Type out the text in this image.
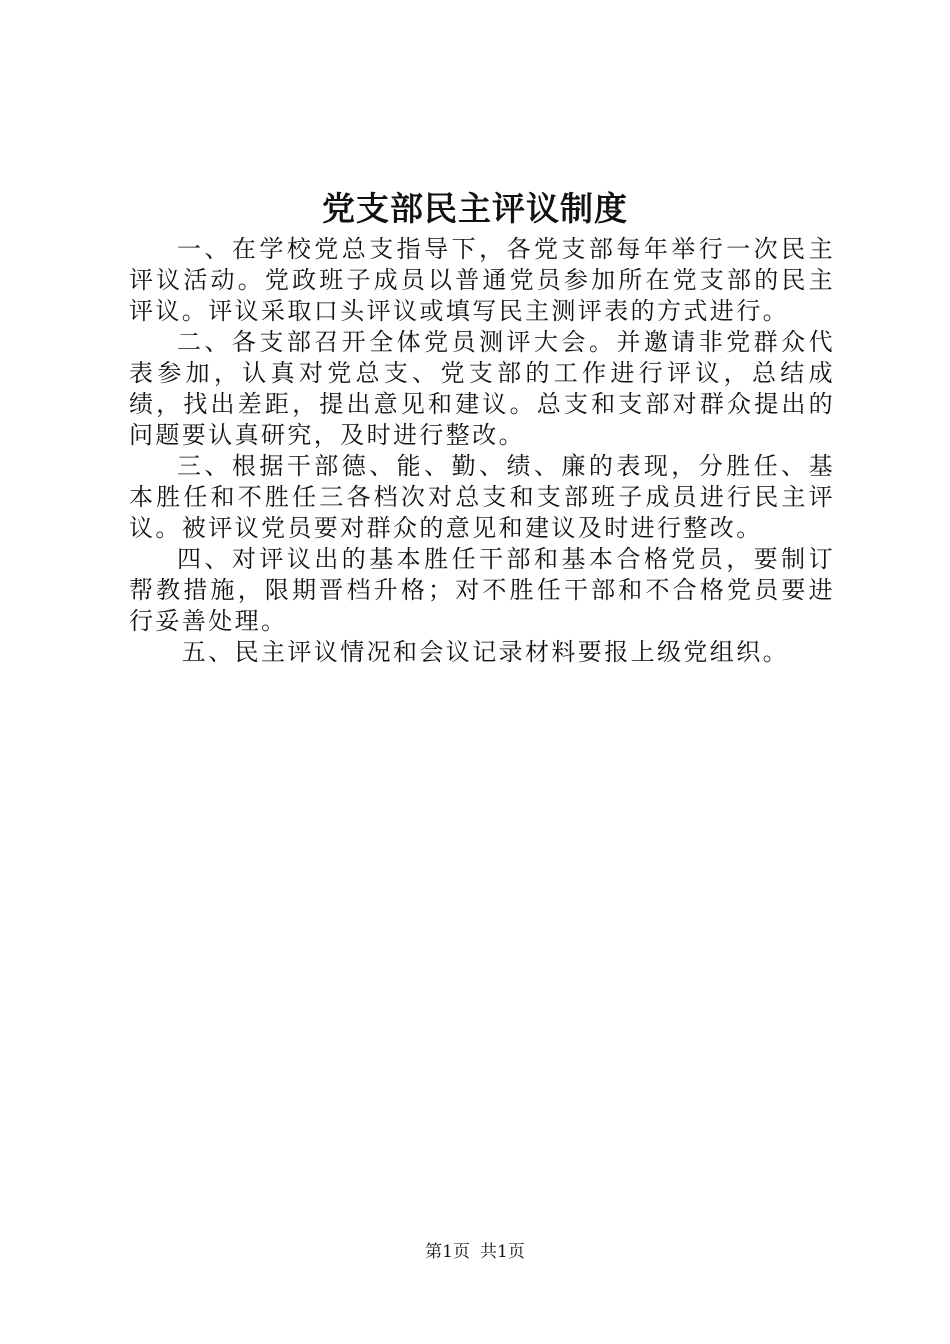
党支部民主评议制度

一、在学校党总支指导下，各党支部每年举行一次民主评议活动。党政班子成员以普通党员参加所在党支部的民主评议。评议采取口头评议或填写民主测评表的方式进行。

二、各支部召开全体党员测评大会。并邀请非党群众代表参加，认真对党总支、党支部的工作进行评议，总结成绩，找出差距，提出意见和建议。总支和支部对群众提出的问题要认真研究，及时进行整改。

三、根据干部德、能、勤、绩、廉的表现，分胜任、基本胜任和不胜任三各档次对总支和支部班子成员进行民主评议。被评议党员要对群众的意见和建议及时进行整改。

四、对评议出的基本胜任干部和基本合格党员，要制订帮教措施，限期晋档升格；对不胜任干部和不合格党员要进行妥善处理。

五、民主评议情况和会议记录材料要报上级党组织。

第1页 共1页
